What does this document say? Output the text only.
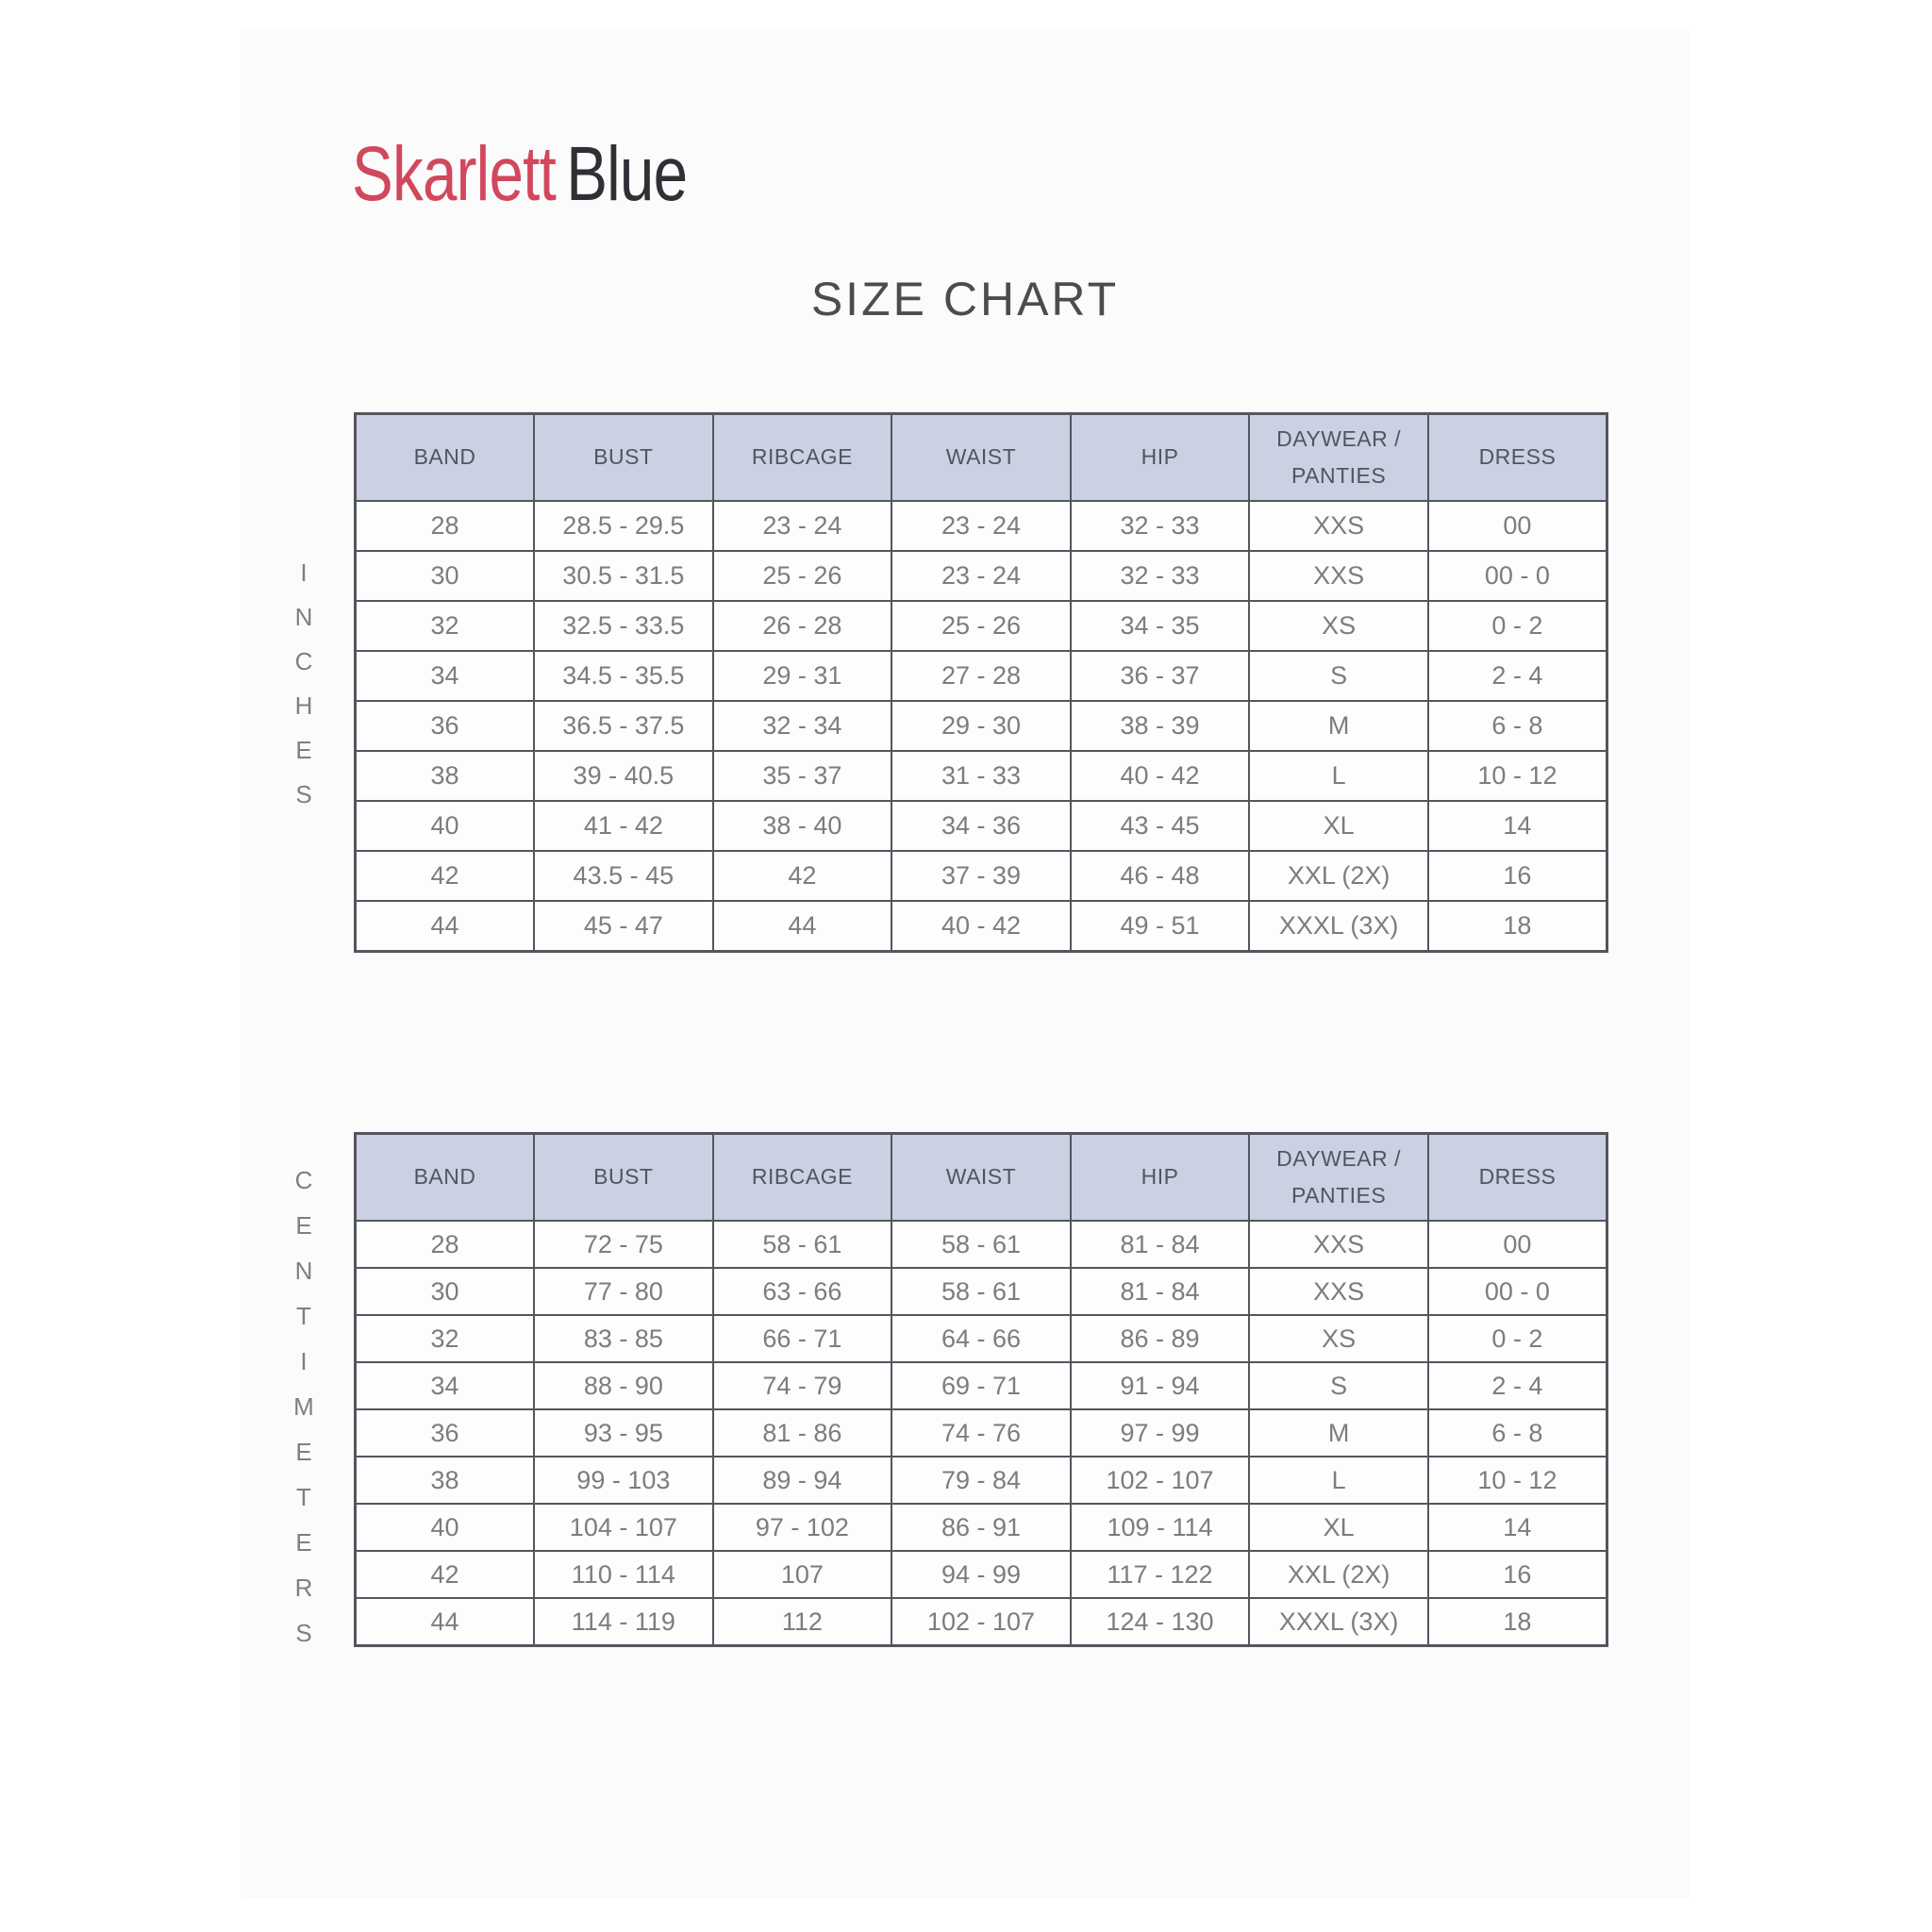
Skarlett Blue
SIZE CHART
INCHES
CENTIMETERS
BAND	BUST	RIBCAGE	WAIST	HIP	DAYWEAR / PANTIES	DRESS
28	28.5 - 29.5	23 - 24	23 - 24	32 - 33	XXS	00
30	30.5 - 31.5	25 - 26	23 - 24	32 - 33	XXS	00 - 0
32	32.5 - 33.5	26 - 28	25 - 26	34 - 35	XS	0 - 2
34	34.5 - 35.5	29 - 31	27 - 28	36 - 37	S	2 - 4
36	36.5 - 37.5	32 - 34	29 - 30	38 - 39	M	6 - 8
38	39 - 40.5	35 - 37	31 - 33	40 - 42	L	10 - 12
40	41 - 42	38 - 40	34 - 36	43 - 45	XL	14
42	43.5 - 45	42	37 - 39	46 - 48	XXL (2X)	16
44	45 - 47	44	40 - 42	49 - 51	XXXL (3X)	18
BAND	BUST	RIBCAGE	WAIST	HIP	DAYWEAR / PANTIES	DRESS
28	72 - 75	58 - 61	58 - 61	81 - 84	XXS	00
30	77 - 80	63 - 66	58 - 61	81 - 84	XXS	00 - 0
32	83 - 85	66 - 71	64 - 66	86 - 89	XS	0 - 2
34	88 - 90	74 - 79	69 - 71	91 - 94	S	2 - 4
36	93 - 95	81 - 86	74 - 76	97 - 99	M	6 - 8
38	99 - 103	89 - 94	79 - 84	102 - 107	L	10 - 12
40	104 - 107	97 - 102	86 - 91	109 - 114	XL	14
42	110 - 114	107	94 - 99	117 - 122	XXL (2X)	16
44	114 - 119	112	102 - 107	124 - 130	XXXL (3X)	18
